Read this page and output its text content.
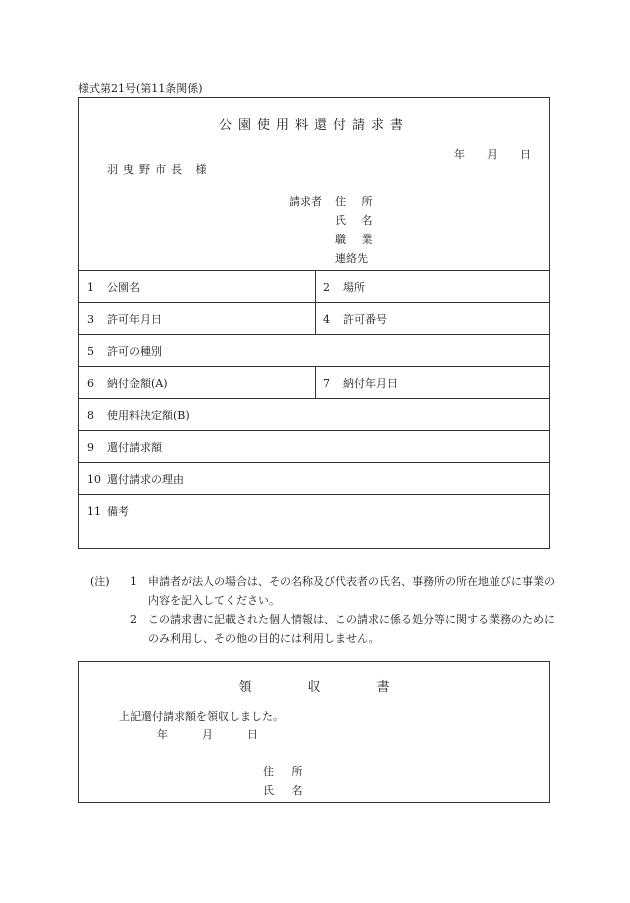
様式第21号(第11条関係)
公園使用料還付請求書
年 月 日
羽曳野市長 様
請求者	住 所
氏 名
職 業
連絡先
1 公園名	2 場所
3 許可年月日	4 許可番号
5 許可の種別
6 納付金額(A)	7 納付年月日
8 使用料決定額(B)
9 還付請求額
10 還付請求の理由
11 備考
(注)	1	申請者が法人の場合は、その名称及び代表者の氏名、事務所の所在地並びに事業の内容を記入してください。
2	この請求書に記載された個人情報は、この請求に係る処分等に関する業務のためにのみ利用し、その他の目的には利用しません。
領収書
上記還付請求額を領収しました。
年	月	日
住 所
氏 名
